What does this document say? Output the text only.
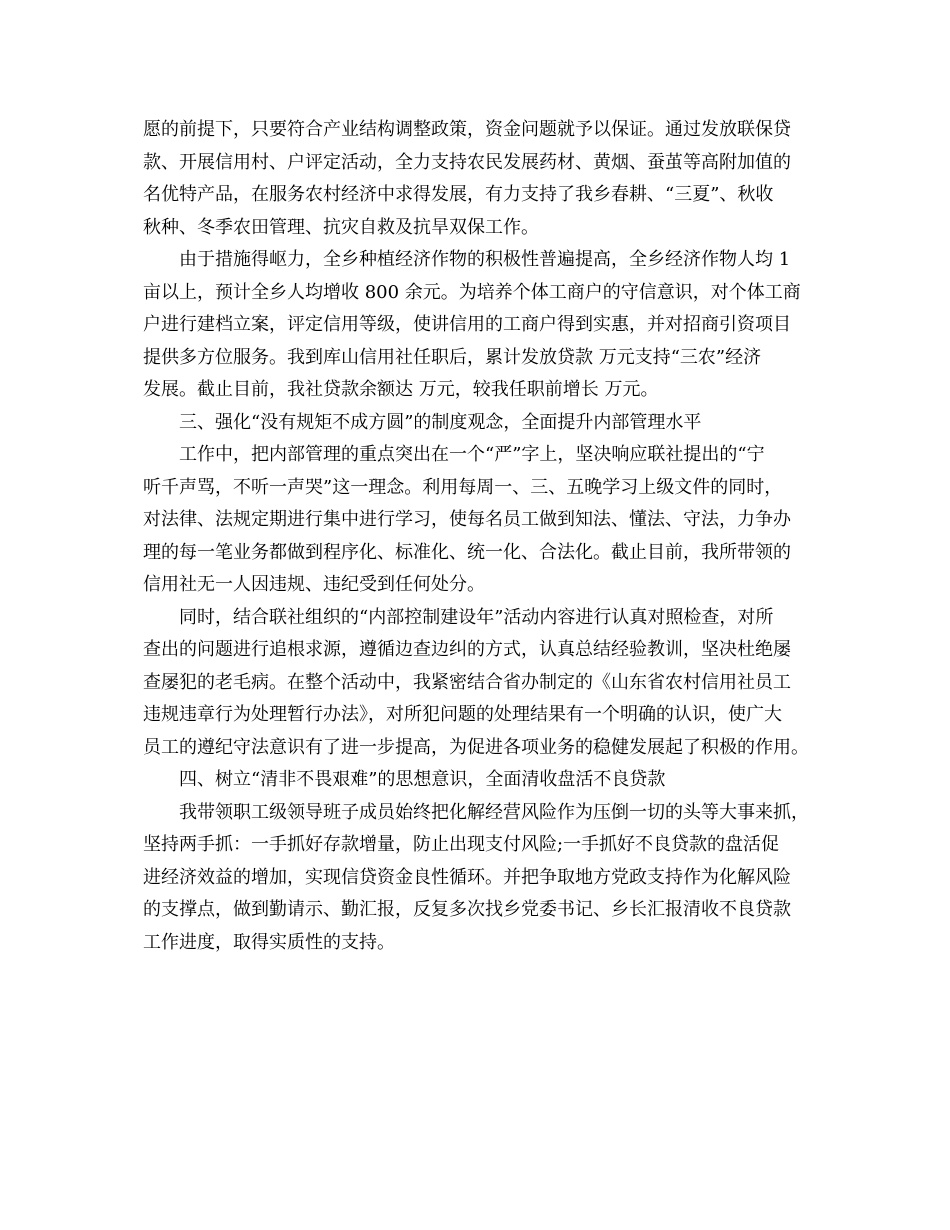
愿的前提下，只要符合产业结构调整政策，资金问题就予以保证。通过发放联保贷
款、开展信用村、户评定活动，全力支持农民发展药材、黄烟、蚕茧等高附加值的
名优特产品，在服务农村经济中求得发展，有力支持了我乡春耕、“三夏”、秋收
秋种、冬季农田管理、抗灾自救及抗旱双保工作。
由于措施得岖力，全乡种植经济作物的积极性普遍提高，全乡经济作物人均 1
亩以上，预计全乡人均增收 800 余元。为培养个体工商户的守信意识，对个体工商
户进行建档立案，评定信用等级，使讲信用的工商户得到实惠，并对招商引资项目
提供多方位服务。我到库山信用社任职后，累计发放贷款 万元支持“三农”经济
发展。截止目前，我社贷款余额达 万元，较我任职前增长 万元。
三、强化“没有规矩不成方圆”的制度观念，全面提升内部管理水平
工作中，把内部管理的重点突出在一个“严”字上，坚决响应联社提出的“宁
听千声骂，不听一声哭”这一理念。利用每周一、三、五晚学习上级文件的同时，
对法律、法规定期进行集中进行学习，使每名员工做到知法、懂法、守法，力争办
理的每一笔业务都做到程序化、标准化、统一化、合法化。截止目前，我所带领的
信用社无一人因违规、违纪受到任何处分。
同时，结合联社组织的“内部控制建设年”活动内容进行认真对照检查，对所
查出的问题进行追根求源，遵循边查边纠的方式，认真总结经验教训，坚决杜绝屡
查屡犯的老毛病。在整个活动中，我紧密结合省办制定的《山东省农村信用社员工
违规违章行为处理暂行办法》，对所犯问题的处理结果有一个明确的认识，使广大
员工的遵纪守法意识有了进一步提高，为促进各项业务的稳健发展起了积极的作用。
四、树立“清非不畏艰难”的思想意识，全面清收盘活不良贷款
我带领职工级领导班子成员始终把化解经营风险作为压倒一切的头等大事来抓，
坚持两手抓：一手抓好存款增量，防止出现支付风险;一手抓好不良贷款的盘活促
进经济效益的增加，实现信贷资金良性循环。并把争取地方党政支持作为化解风险
的支撑点，做到勤请示、勤汇报，反复多次找乡党委书记、乡长汇报清收不良贷款
工作进度，取得实质性的支持。
